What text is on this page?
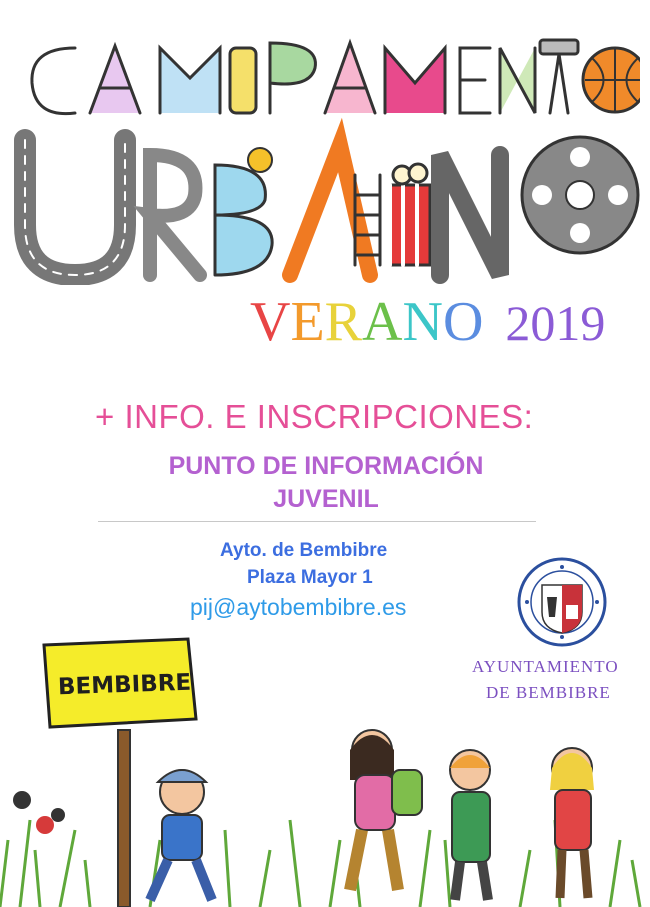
VERANO 2019
+ INFO. E INSCRIPCIONES:
PUNTO DE INFORMACIÓN
JUVENIL
Ayto. de Bembibre
Plaza Mayor 1
pij@aytobembibre.es
AYUNTAMIENTO
DE BEMBIBRE
BEMBIBRE
